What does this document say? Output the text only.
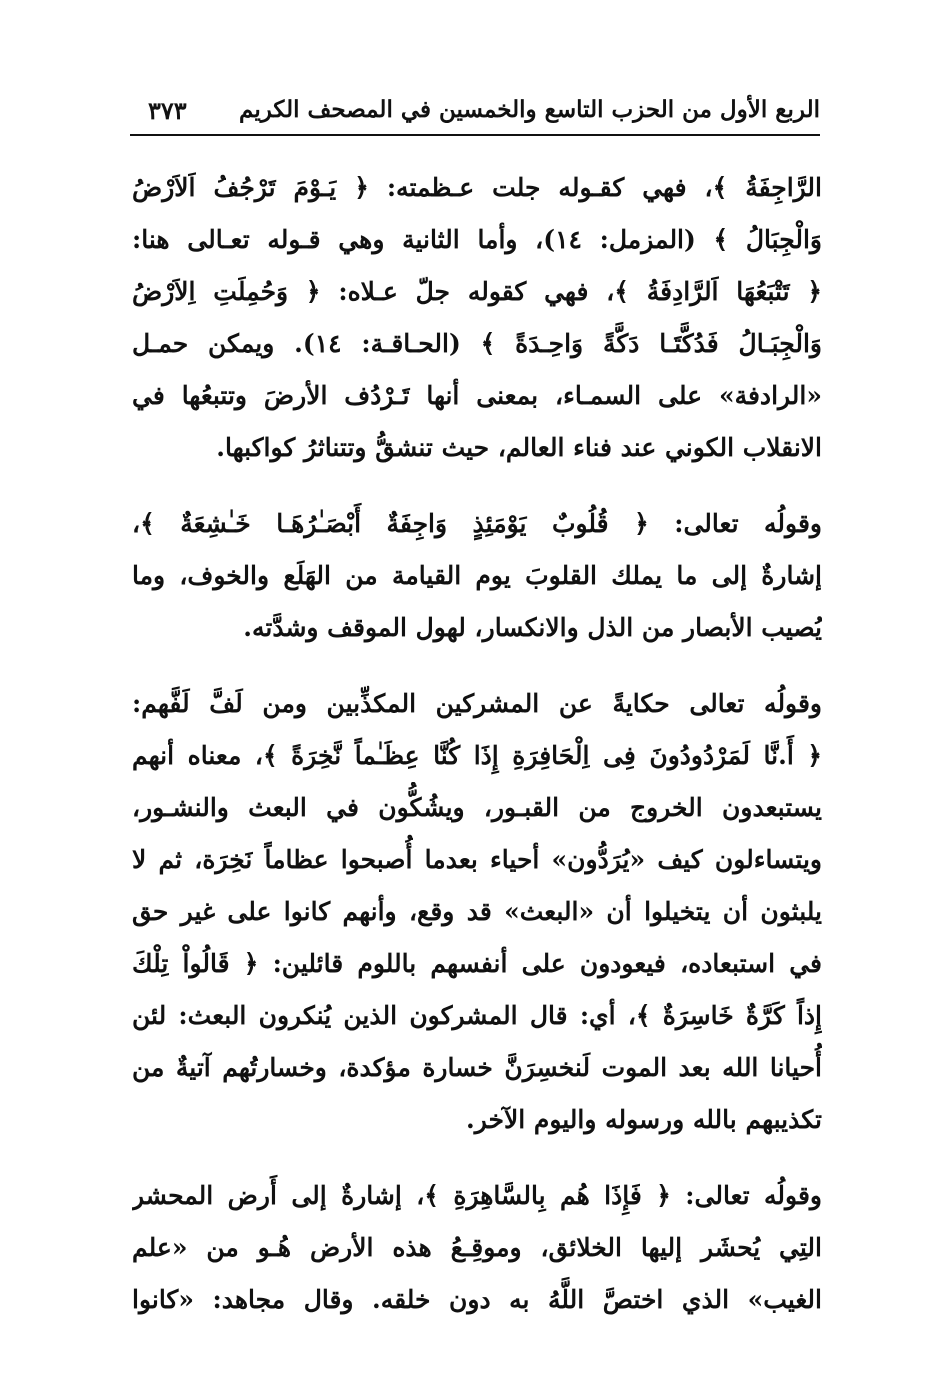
الربع الأول من الحزب التاسع والخمسين في المصحف الكريم
٣٧٣
الرَّاجِفَةُ ﴾، فهي كقـوله جلت عـظمته: ﴿ يَـوْمَ تَرْجُفُ اَلاَرْضُ
وَالْجِبَالُ ﴾ (المزمل: ١٤)، وأما الثانية وهي قـوله تعـالى هنا:
﴿ تَتْبَعُهَا اَلرَّادِفَةُ ﴾، فهي كقوله جلّ عـلاه: ﴿ وَحُمِلَتِ اِلاَرْضُ
وَالْجِبَـالُ فَدُكَّتَـا دَكَّةً وَاحِـدَةً ﴾ (الحـاقـة: ١٤). ويمكن حمـل
«الرادفة» على السمـاء، بمعنى أنها تَـرْدُف الأرضَ وتتبعُها في
الانقلاب الكوني عند فناء العالم، حيث تنشقُّ وتتناثرُ كواكبها.
وقولُه تعالى: ﴿ قُلُوبٌ يَوْمَئِذٍ وَاجِفَةٌ أَبْصَـٰرُهَـا خَـٰشِعَةٌ ﴾،
إشارةٌ إلى ما يملك القلوبَ يوم القيامة من الهَلَع والخوف، وما
يُصيب الأبصار من الذل والانكسار، لهول الموقف وشدَّته.
وقولُه تعالى حكايةً عن المشركين المكذِّبين ومن لَفَّ لَفَّهم:
﴿ أَ.نَّا لَمَرْدُودُونَ فِى اِلْحَافِرَةِ إِذَا كُنَّا عِظَـٰماً نَّخِرَةً ﴾، معناه أنهم
يستبعدون الخروج من القبـور، ويشُكُّون في البعث والنشـور،
ويتساءلون كيف «يُرَدُّون» أحياء بعدما أُصبحوا عظاماً نَخِرَة، ثم لا
يلبثون أن يتخيلوا أن «البعث» قد وقع، وأنهم كانوا على غير حق
في استبعاده، فيعودون على أنفسهم باللوم قائلين: ﴿ قَالُواْ تِلْكَ
إِذاً كَرَّةٌ خَاسِرَةٌ ﴾، أي: قال المشركون الذين يُنكرون البعث: لئن
أُحيانا الله بعد الموت لَنخسِرَنَّ خسارة مؤكدة، وخسارتُهم آتيةٌ من
تكذيبهم بالله ورسوله واليوم الآخر.
وقولُه تعالى: ﴿ فَإِذَا هُم بِالسَّاهِرَةِ ﴾، إشارةٌ إلى أَرض المحشر
التِي يُحشَر إليها الخلائق، وموقِـعُ هذه الأرض هُـو من «علم
الغيب» الذي اختصَّ اللَّهُ به دون خلقه. وقال مجاهد: «كانوا
